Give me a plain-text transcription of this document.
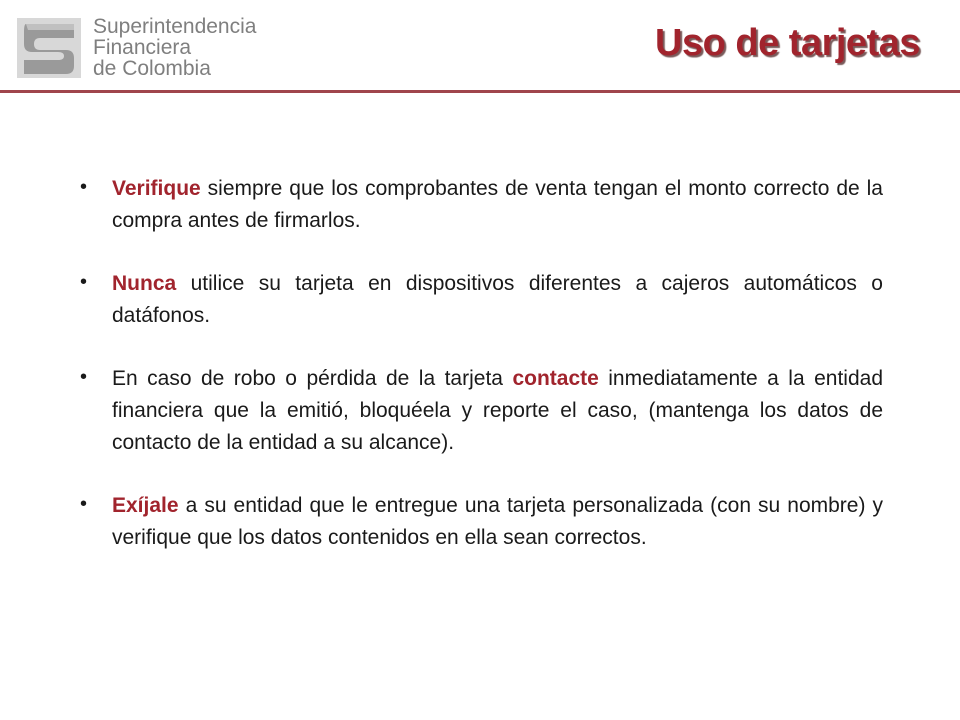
Superintendencia
Financiera
de Colombia
Uso de tarjetas
• Verifique siempre que los comprobantes de venta tengan el monto correcto de la compra antes de firmarlos.
• Nunca utilice su tarjeta en dispositivos diferentes a cajeros automáticos o datáfonos.
• En caso de robo o pérdida de la tarjeta contacte inmediatamente a la entidad financiera que la emitió, bloquéela y reporte el caso, (mantenga los datos de contacto de la entidad a su alcance).
• Exíjale a su entidad que le entregue una tarjeta personalizada (con su nombre) y verifique que los datos contenidos en ella sean correctos.
